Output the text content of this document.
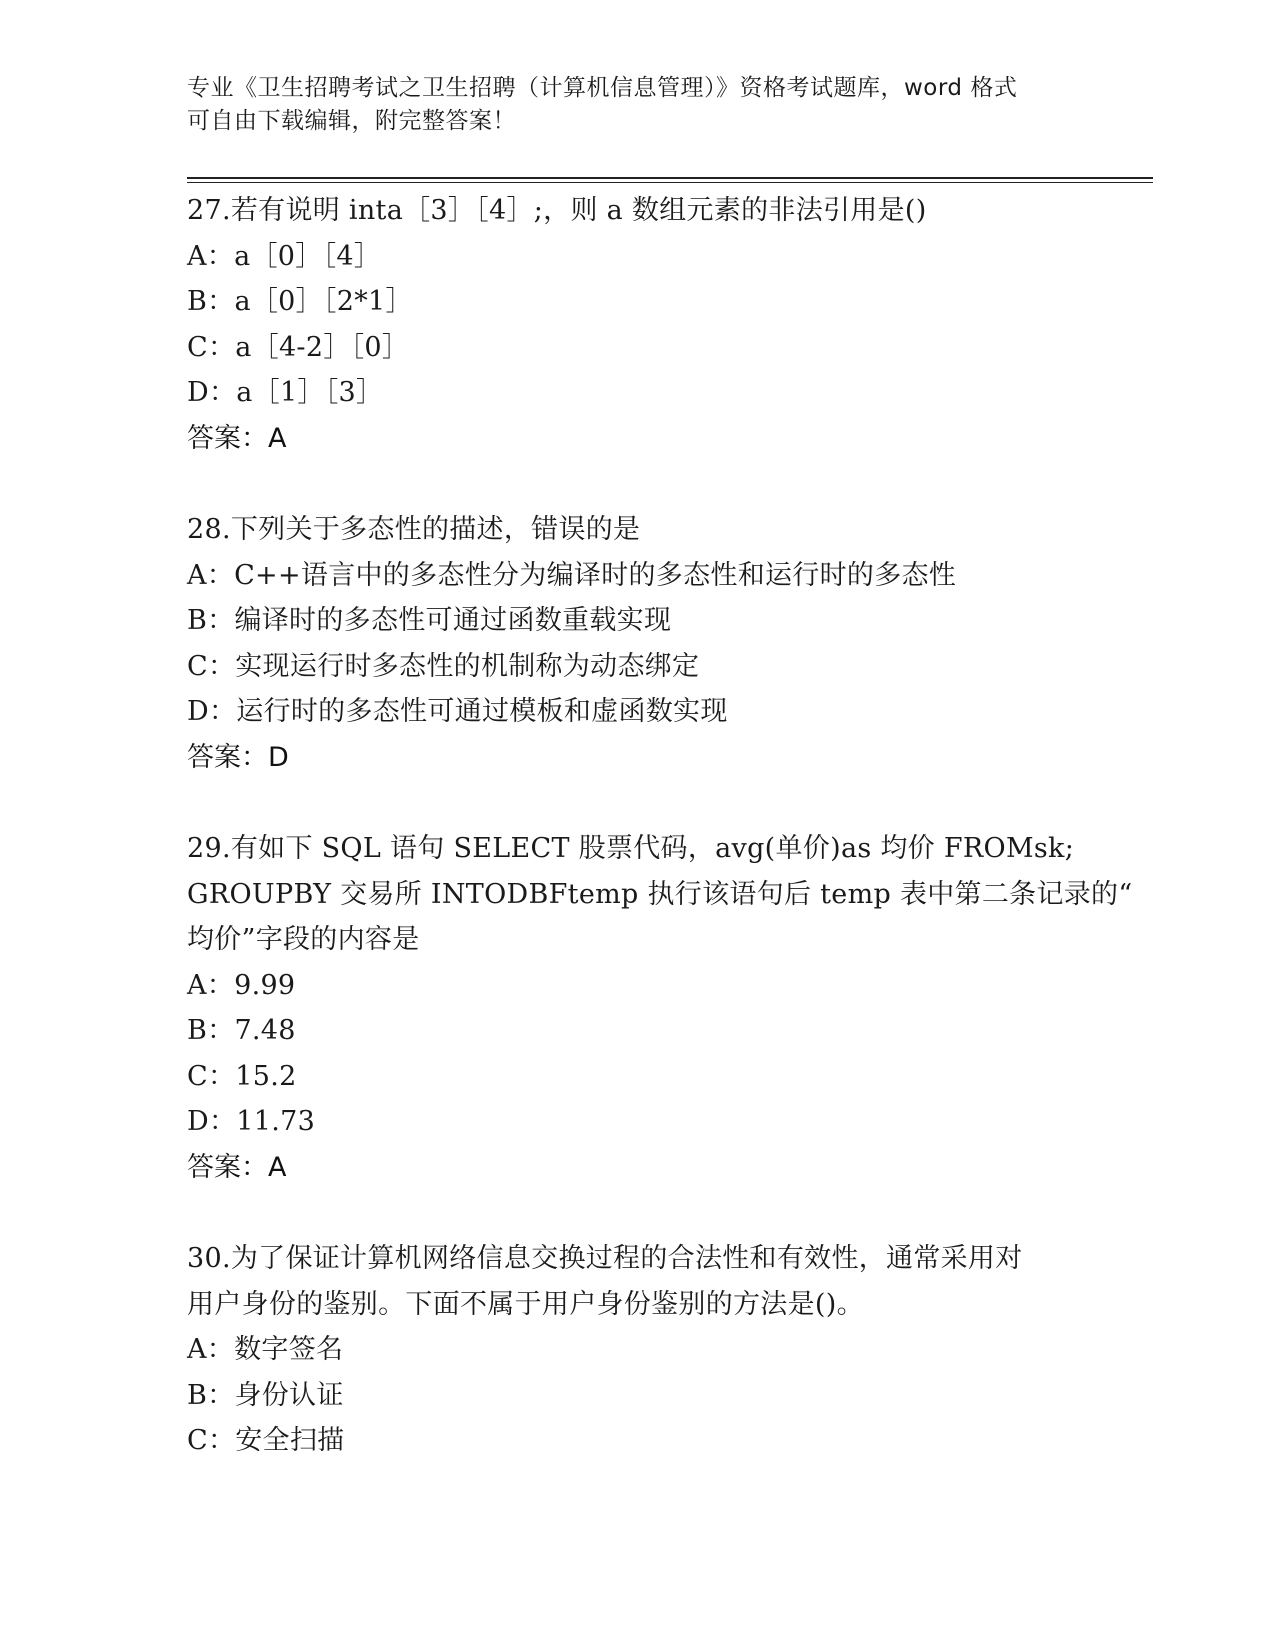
专业《卫生招聘考试之卫生招聘（计算机信息管理）》资格考试题库，word 格式
可自由下载编辑，附完整答案！
27.若有说明 inta［3］［4］;，则 a 数组元素的非法引用是()
A：a［0］［4］
B：a［0］［2*1］
C：a［4-2］［0］
D：a［1］［3］
答案：A
28.下列关于多态性的描述，错误的是
A：C++语言中的多态性分为编译时的多态性和运行时的多态性
B：编译时的多态性可通过函数重载实现
C：实现运行时多态性的机制称为动态绑定
D：运行时的多态性可通过模板和虚函数实现
答案：D
29.有如下 SQL 语句 SELECT 股票代码，avg(单价)as 均价 FROMsk;
GROUPBY 交易所 INTODBFtemp 执行该语句后 temp 表中第二条记录的“
均价”字段的内容是
A：9.99
B：7.48
C：15.2
D：11.73
答案：A
30.为了保证计算机网络信息交换过程的合法性和有效性，通常采用对
用户身份的鉴别。下面不属于用户身份鉴别的方法是()。
A：数字签名
B：身份认证
C：安全扫描
